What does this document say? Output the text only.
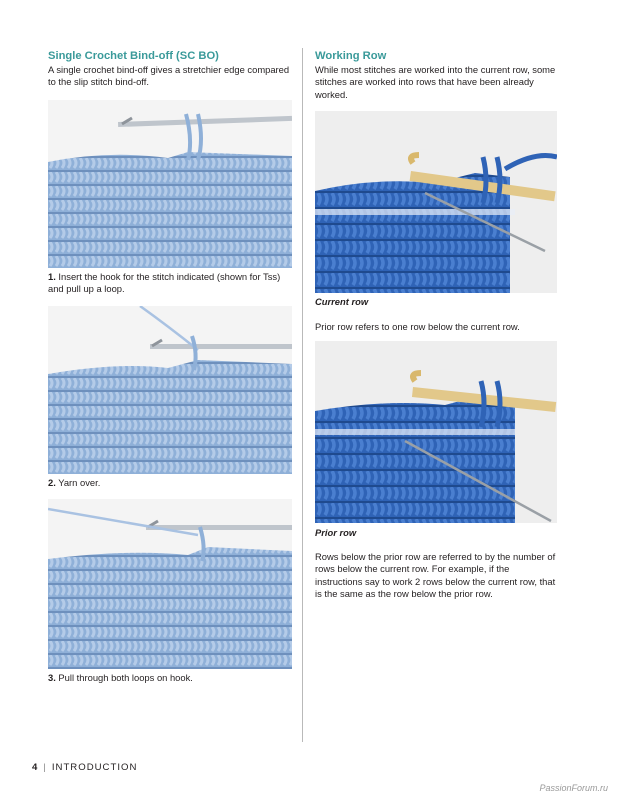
Single Crochet Bind-off (SC BO)

A single crochet bind-off gives a stretchier edge compared to the slip stitch bind-off.

1. Insert the hook for the stitch indicated (shown for Tss) and pull up a loop.

2. Yarn over.

3. Pull through both loops on hook.

Working Row

While most stitches are worked into the current row, some stitches are worked into rows that have been already worked.

Current row

Prior row refers to one row below the current row.

Prior row

Rows below the prior row are referred to by the number of rows below the current row. For example, if the instructions say to work 2 rows below the current row, that is the same as the row below the prior row.

4 | INTRODUCTION
PassionForum.ru
